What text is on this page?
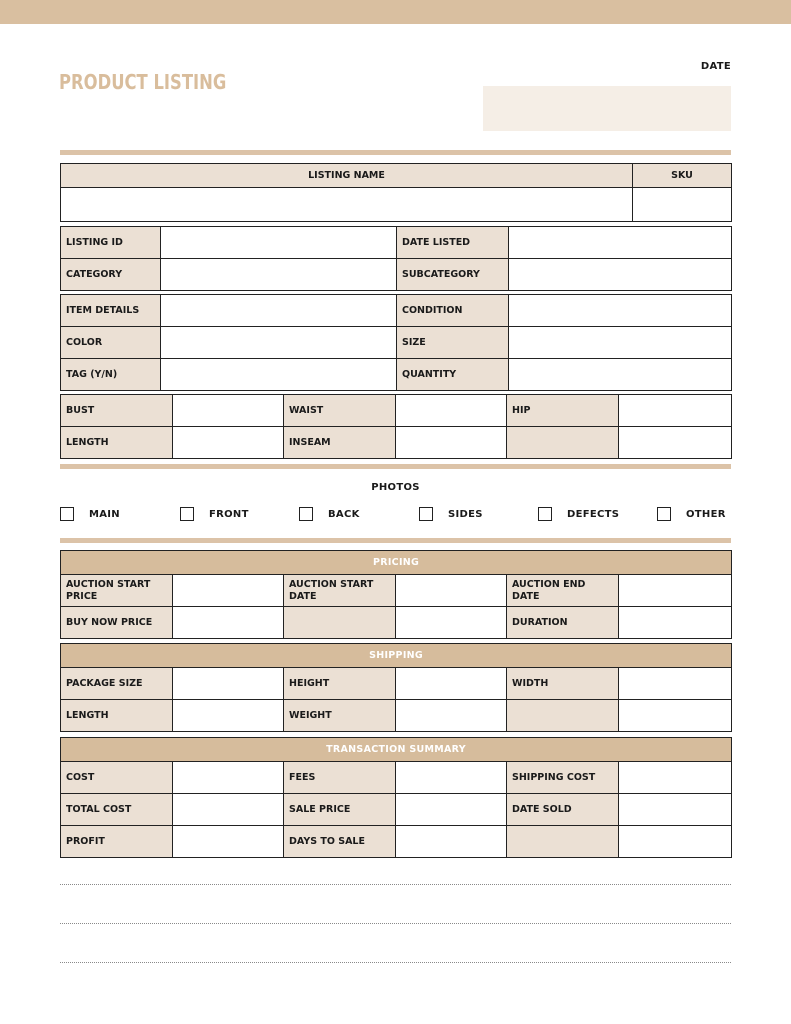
PRODUCT LISTING
DATE
LISTING NAME	SKU

LISTING ID		DATE LISTED	
CATEGORY		SUBCATEGORY	
ITEM DETAILS		CONDITION	
COLOR		SIZE	
TAG (Y/N)		QUANTITY	
BUST		WAIST		HIP	
LENGTH		INSEAM			
PHOTOS
MAIN	FRONT	BACK	SIDES	DEFECTS	OTHER
PRICING					
AUCTION START PRICE		AUCTION START DATE		AUCTION END DATE	
BUY NOW PRICE				DURATION	
SHIPPING					
PACKAGE SIZE		HEIGHT		WIDTH	
LENGTH		WEIGHT			
TRANSACTION SUMMARY					
COST		FEES		SHIPPING COST	
TOTAL COST		SALE PRICE		DATE SOLD	
PROFIT		DAYS TO SALE			
